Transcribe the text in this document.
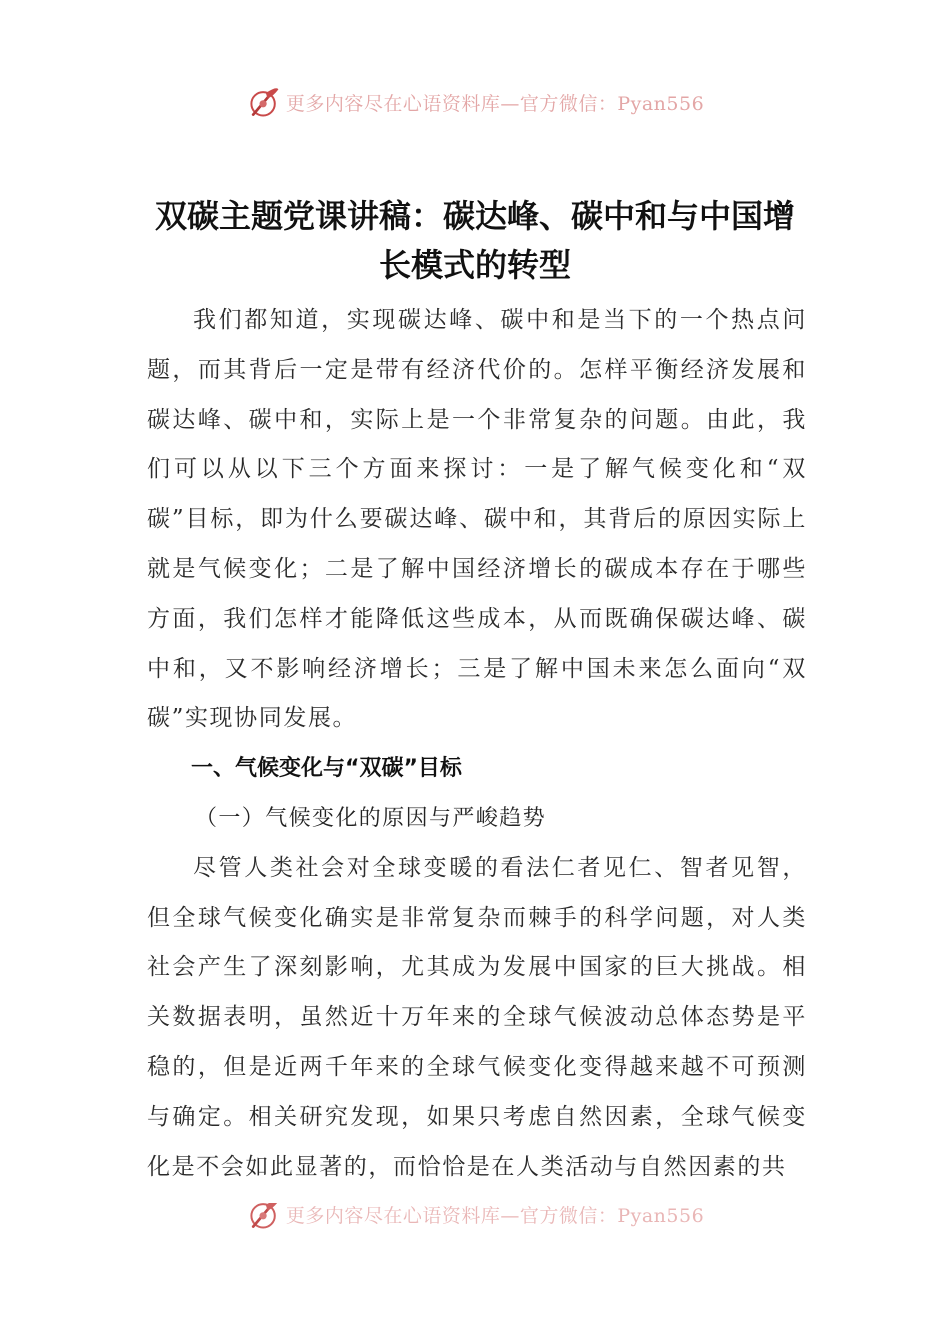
更多内容尽在心语资料库—官方微信：Pyan556
双碳主题党课讲稿：碳达峰、碳中和与中国增长模式的转型

我们都知道，实现碳达峰、碳中和是当下的一个热点问题，而其背后一定是带有经济代价的。怎样平衡经济发展和碳达峰、碳中和，实际上是一个非常复杂的问题。由此，我们可以从以下三个方面来探讨：一是了解气候变化和“双碳”目标，即为什么要碳达峰、碳中和，其背后的原因实际上就是气候变化；二是了解中国经济增长的碳成本存在于哪些方面，我们怎样才能降低这些成本，从而既确保碳达峰、碳中和，又不影响经济增长；三是了解中国未来怎么面向“双碳”实现协同发展。

一、气候变化与“双碳”目标

（一）气候变化的原因与严峻趋势

尽管人类社会对全球变暖的看法仁者见仁、智者见智，但全球气候变化确实是非常复杂而棘手的科学问题，对人类社会产生了深刻影响，尤其成为发展中国家的巨大挑战。相关数据表明，虽然近十万年来的全球气候波动总体态势是平稳的，但是近两千年来的全球气候变化变得越来越不可预测与确定。相关研究发现，如果只考虑自然因素，全球气候变化是不会如此显著的，而恰恰是在人类活动与自然因素的共

更多内容尽在心语资料库—官方微信：Pyan556
